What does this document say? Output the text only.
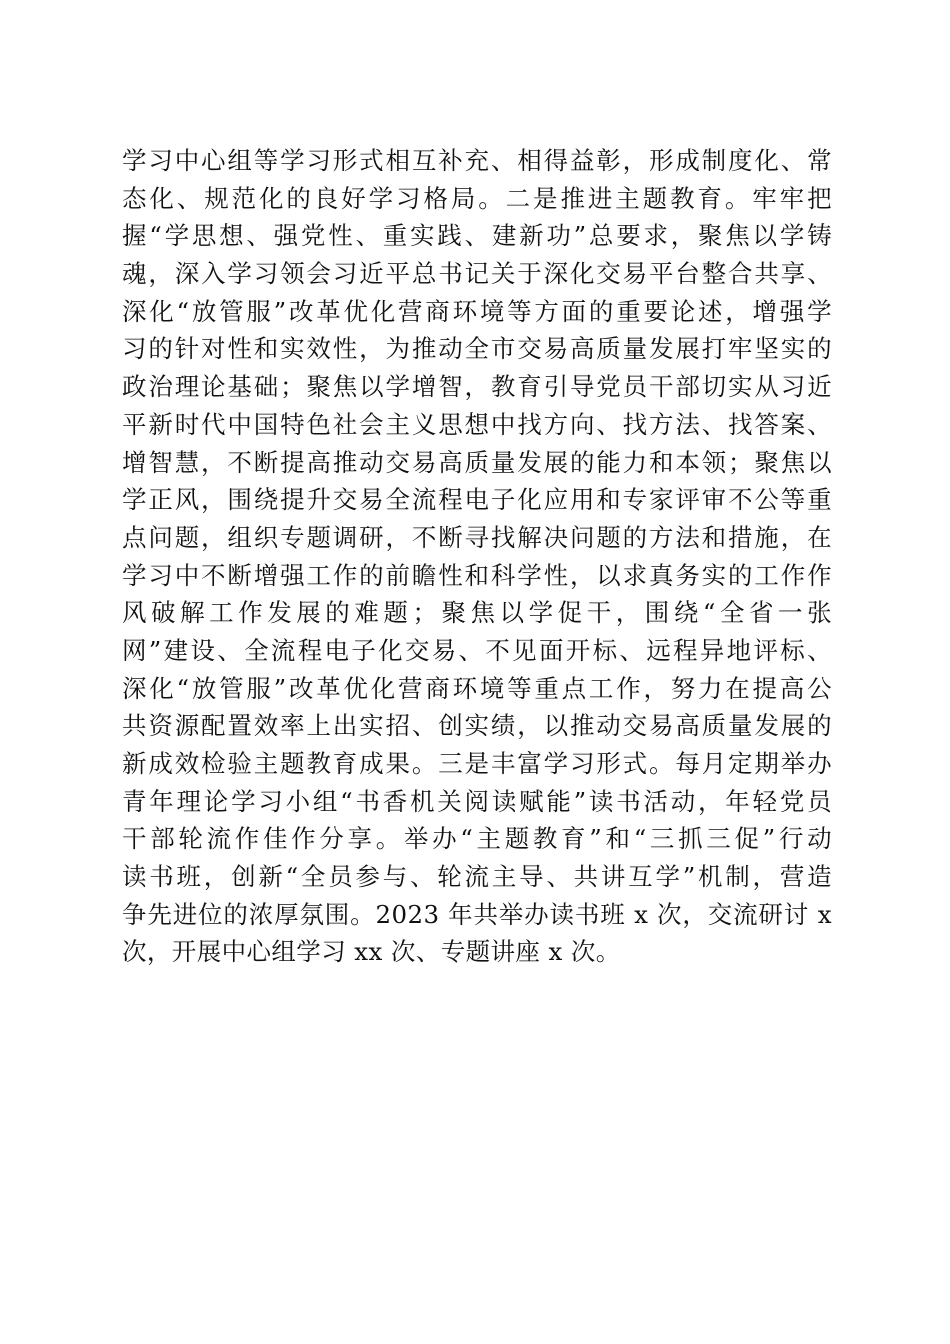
学习中心组等学习形式相互补充、相得益彰，形成制度化、常
态化、规范化的良好学习格局。二是推进主题教育。牢牢把
握“学思想、强党性、重实践、建新功”总要求，聚焦以学铸
魂，深入学习领会习近平总书记关于深化交易平台整合共享、
深化“放管服”改革优化营商环境等方面的重要论述，增强学
习的针对性和实效性，为推动全市交易高质量发展打牢坚实的
政治理论基础；聚焦以学增智，教育引导党员干部切实从习近
平新时代中国特色社会主义思想中找方向、找方法、找答案、
增智慧，不断提高推动交易高质量发展的能力和本领；聚焦以
学正风，围绕提升交易全流程电子化应用和专家评审不公等重
点问题，组织专题调研，不断寻找解决问题的方法和措施，在
学习中不断增强工作的前瞻性和科学性，以求真务实的工作作
风破解工作发展的难题；聚焦以学促干，围绕“全省一张
网”建设、全流程电子化交易、不见面开标、远程异地评标、
深化“放管服”改革优化营商环境等重点工作，努力在提高公
共资源配置效率上出实招、创实绩，以推动交易高质量发展的
新成效检验主题教育成果。三是丰富学习形式。每月定期举办
青年理论学习小组“书香机关阅读赋能”读书活动，年轻党员
干部轮流作佳作分享。举办“主题教育”和“三抓三促”行动
读书班，创新“全员参与、轮流主导、共讲互学”机制，营造
争先进位的浓厚氛围。2023 年共举办读书班 x 次，交流研讨 x
次，开展中心组学习 xx 次、专题讲座 x 次。
